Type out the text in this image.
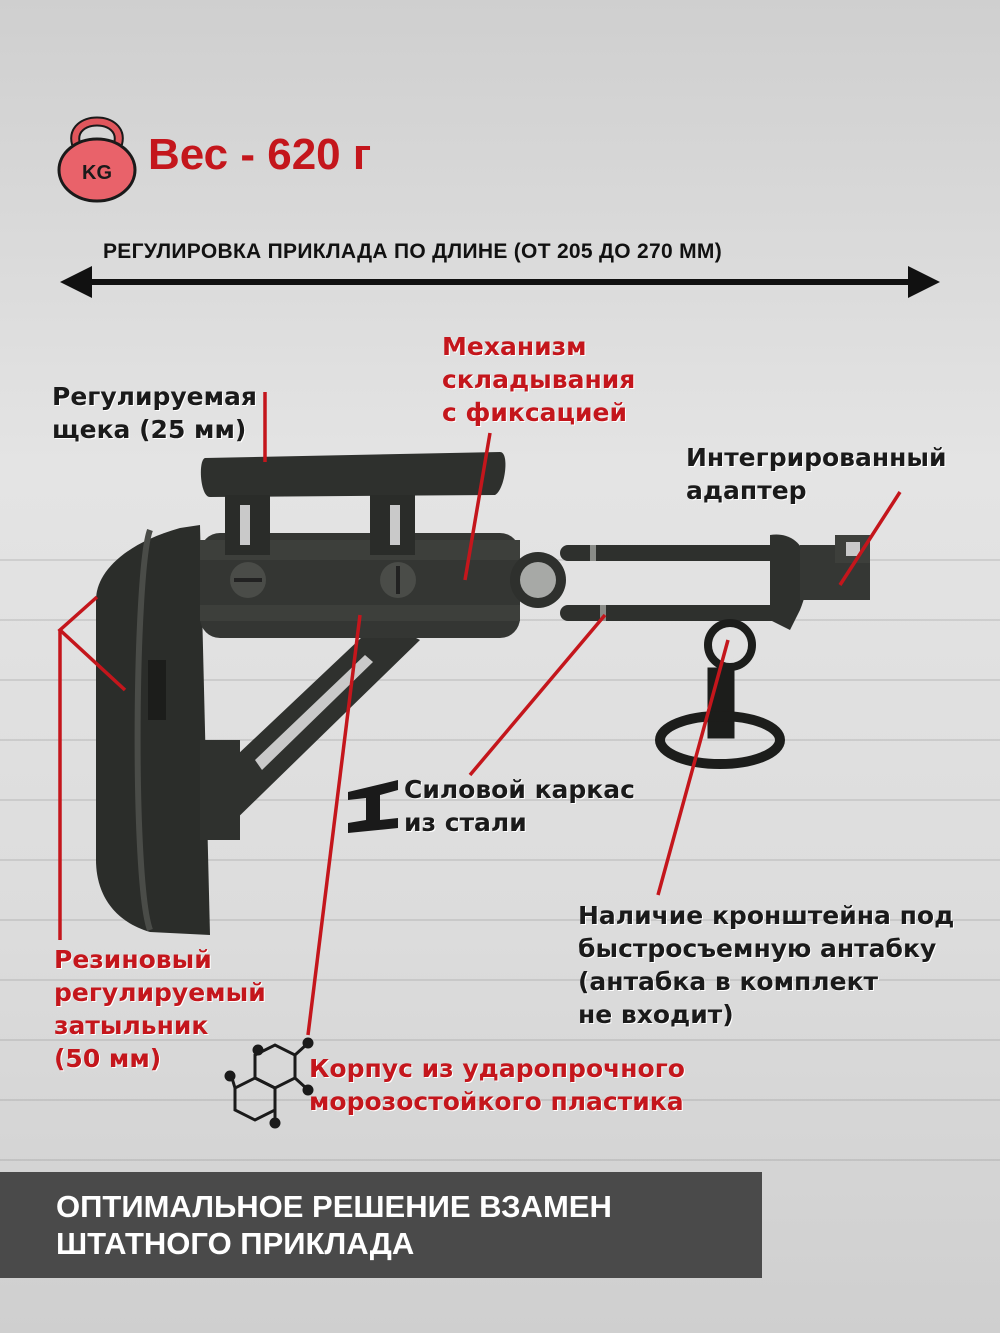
KG Вес - 620 г
РЕГУЛИРОВКА ПРИКЛАДА ПО ДЛИНЕ (ОТ 205 ДО 270 ММ)
Регулируемая
щека (25 мм)
Механизм
складывания
с фиксацией
Интегрированный
адаптер
Силовой каркас
из стали
Наличие кронштейна под
быстросъемную антабку
(антабка в комплект
не входит)
Резиновый
регулируемый
затыльник
(50 мм)	Корпус из ударопрочного
морозостойкого пластика
ОПТИМАЛЬНОЕ РЕШЕНИЕ ВЗАМЕН
ШТАТНОГО ПРИКЛАДА
